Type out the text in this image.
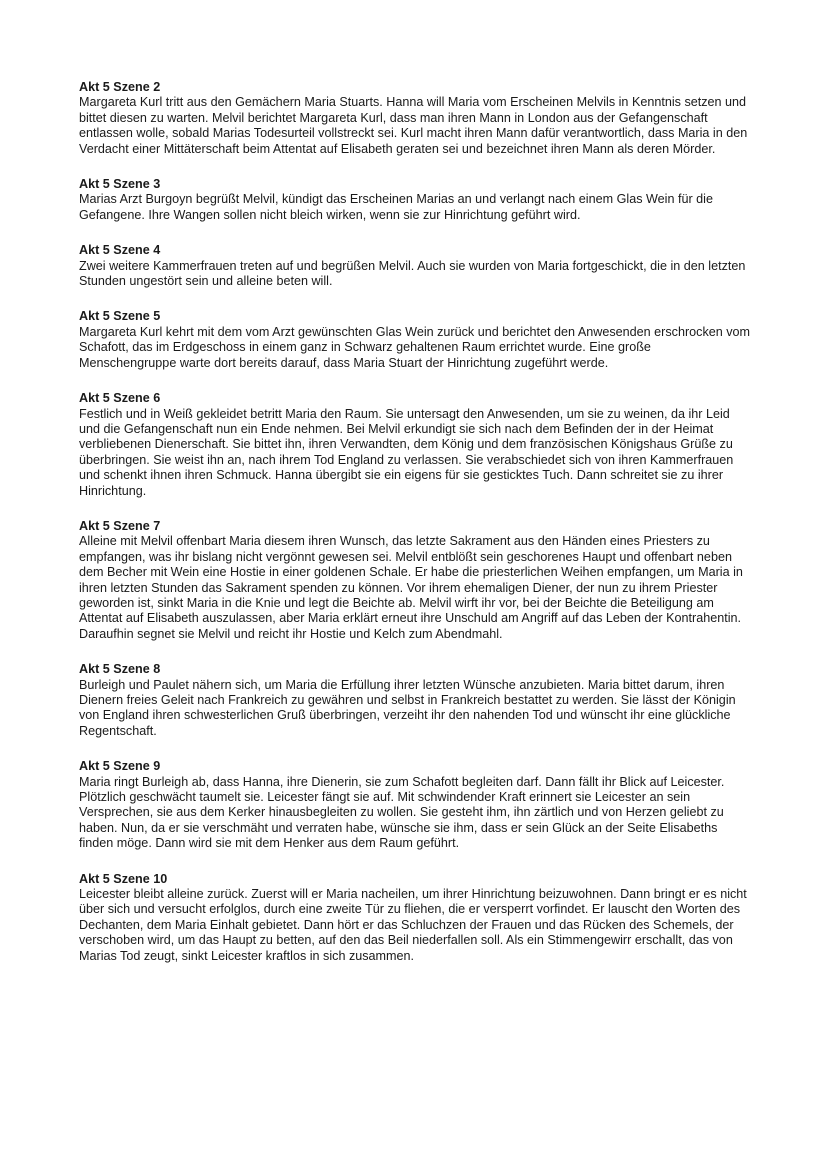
Akt 5 Szene 2

Margareta Kurl tritt aus den Gemächern Maria Stuarts. Hanna will Maria vom Erscheinen Melvils in Kenntnis setzen und bittet diesen zu warten. Melvil berichtet Margareta Kurl, dass man ihren Mann in London aus der Gefangenschaft entlassen wolle, sobald Marias Todesurteil vollstreckt sei. Kurl macht ihren Mann dafür verantwortlich, dass Maria in den Verdacht einer Mittäterschaft beim Attentat auf Elisabeth geraten sei und bezeichnet ihren Mann als deren Mörder.

Akt 5 Szene 3

Marias Arzt Burgoyn begrüßt Melvil, kündigt das Erscheinen Marias an und verlangt nach einem Glas Wein für die Gefangene. Ihre Wangen sollen nicht bleich wirken, wenn sie zur Hinrichtung geführt wird.

Akt 5 Szene 4

Zwei weitere Kammerfrauen treten auf und begrüßen Melvil. Auch sie wurden von Maria fortgeschickt, die in den letzten Stunden ungestört sein und alleine beten will.

Akt 5 Szene 5

Margareta Kurl kehrt mit dem vom Arzt gewünschten Glas Wein zurück und berichtet den Anwesenden erschrocken vom Schafott, das im Erdgeschoss in einem ganz in Schwarz gehaltenen Raum errichtet wurde. Eine große Menschengruppe warte dort bereits darauf, dass Maria Stuart der Hinrichtung zugeführt werde.

Akt 5 Szene 6

Festlich und in Weiß gekleidet betritt Maria den Raum. Sie untersagt den Anwesenden, um sie zu weinen, da ihr Leid und die Gefangenschaft nun ein Ende nehmen. Bei Melvil erkundigt sie sich nach dem Befinden der in der Heimat verbliebenen Dienerschaft. Sie bittet ihn, ihren Verwandten, dem König und dem französischen Königshaus Grüße zu überbringen. Sie weist ihn an, nach ihrem Tod England zu verlassen. Sie verabschiedet sich von ihren Kammerfrauen und schenkt ihnen ihren Schmuck. Hanna übergibt sie ein eigens für sie gesticktes Tuch. Dann schreitet sie zu ihrer Hinrichtung.

Akt 5 Szene 7

Alleine mit Melvil offenbart Maria diesem ihren Wunsch, das letzte Sakrament aus den Händen eines Priesters zu empfangen, was ihr bislang nicht vergönnt gewesen sei. Melvil entblößt sein geschorenes Haupt und offenbart neben dem Becher mit Wein eine Hostie in einer goldenen Schale. Er habe die priesterlichen Weihen empfangen, um Maria in ihren letzten Stunden das Sakrament spenden zu können. Vor ihrem ehemaligen Diener, der nun zu ihrem Priester geworden ist, sinkt Maria in die Knie und legt die Beichte ab. Melvil wirft ihr vor, bei der Beichte die Beteiligung am Attentat auf Elisabeth auszulassen, aber Maria erklärt erneut ihre Unschuld am Angriff auf das Leben der Kontrahentin. Daraufhin segnet sie Melvil und reicht ihr Hostie und Kelch zum Abendmahl.

Akt 5 Szene 8

Burleigh und Paulet nähern sich, um Maria die Erfüllung ihrer letzten Wünsche anzubieten. Maria bittet darum, ihren Dienern freies Geleit nach Frankreich zu gewähren und selbst in Frankreich bestattet zu werden. Sie lässt der Königin von England ihren schwesterlichen Gruß überbringen, verzeiht ihr den nahenden Tod und wünscht ihr eine glückliche Regentschaft.

Akt 5 Szene 9

Maria ringt Burleigh ab, dass Hanna, ihre Dienerin, sie zum Schafott begleiten darf. Dann fällt ihr Blick auf Leicester. Plötzlich geschwächt taumelt sie. Leicester fängt sie auf. Mit schwindender Kraft erinnert sie Leicester an sein Versprechen, sie aus dem Kerker hinausbegleiten zu wollen. Sie gesteht ihm, ihn zärtlich und von Herzen geliebt zu haben. Nun, da er sie verschmäht und verraten habe, wünsche sie ihm, dass er sein Glück an der Seite Elisabeths finden möge. Dann wird sie mit dem Henker aus dem Raum geführt.

Akt 5 Szene 10

Leicester bleibt alleine zurück. Zuerst will er Maria nacheilen, um ihrer Hinrichtung beizuwohnen. Dann bringt er es nicht über sich und versucht erfolglos, durch eine zweite Tür zu fliehen, die er versperrt vorfindet. Er lauscht den Worten des Dechanten, dem Maria Einhalt gebietet. Dann hört er das Schluchzen der Frauen und das Rücken des Schemels, der verschoben wird, um das Haupt zu betten, auf den das Beil niederfallen soll. Als ein Stimmengewirr erschallt, das von Marias Tod zeugt, sinkt Leicester kraftlos in sich zusammen.
